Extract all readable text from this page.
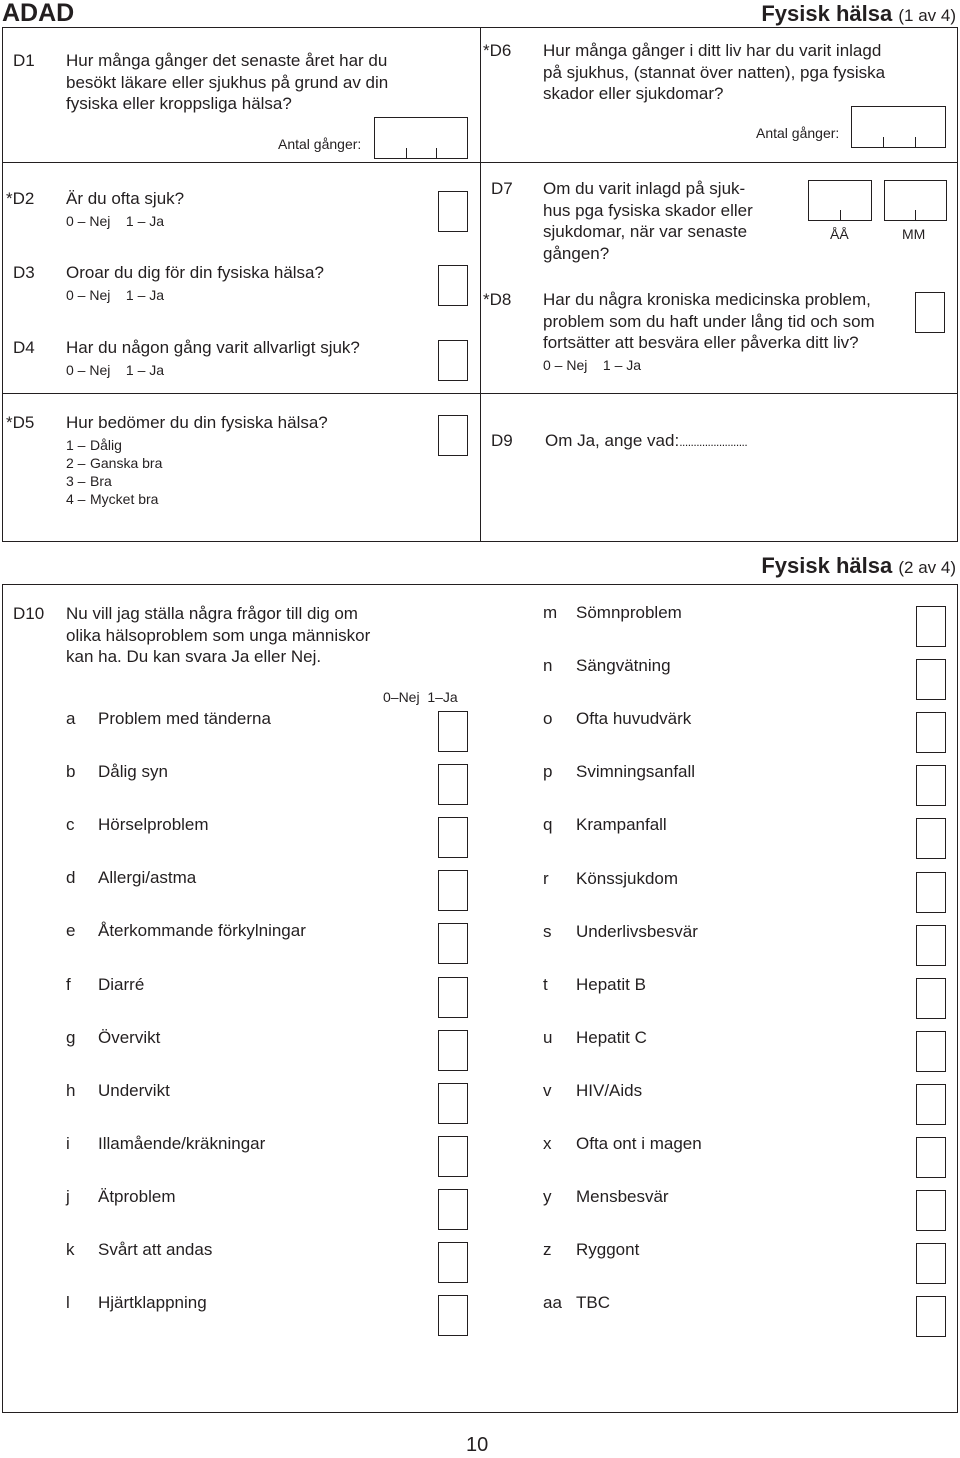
ADAD	Fysisk hälsa (1 av 4)
D1 Hur många gånger det senaste året har du
besökt läkare eller sjukhus på grund av din
fysiska eller kroppsliga hälsa?
Antal gånger:
*D6 Hur många gånger i ditt liv har du varit inlagd
på sjukhus, (stannat över natten), pga fysiska
skador eller sjukdomar?
Antal gånger:
*D2 Är du ofta sjuk?
0 – Nej    1 – Ja
D3 Oroar du dig för din fysiska hälsa?
0 – Nej    1 – Ja
D4 Har du någon gång varit allvarligt sjuk?
0 – Nej    1 – Ja
D7 Om du varit inlagd på sjuk-
hus pga fysiska skador eller
sjukdomar, när var senaste
gången?
ÅÅ	MM
*D8 Har du några kroniska medicinska problem,
problem som du haft under lång tid och som
fortsätter att besvära eller påverka ditt liv?
0 – Nej    1 – Ja
*D5 Hur bedömer du din fysiska hälsa?
1 – Dålig
2 – Ganska bra
3 – Bra
4 – Mycket bra
D9 Om Ja, ange vad:........................
Fysisk hälsa (2 av 4)
D10 Nu vill jag ställa några frågor till dig om
olika hälsoproblem som unga människor
kan ha. Du kan svara Ja eller Nej.
0–Nej  1–Ja
a Problem med tänderna
b Dålig syn
c Hörselproblem
d Allergi/astma
e Återkommande förkylningar
f Diarré
g Övervikt
h Undervikt
i Illamående/kräkningar
j Ätproblem
k Svårt att andas
l Hjärtklappning
m Sömnproblem
n Sängvätning
o Ofta huvudvärk
p Svimningsanfall
q Krampanfall
r Könssjukdom
s Underlivsbesvär
t Hepatit B
u Hepatit C
v HIV/Aids
x Ofta ont i magen
y Mensbesvär
z Ryggont
aa TBC
10
